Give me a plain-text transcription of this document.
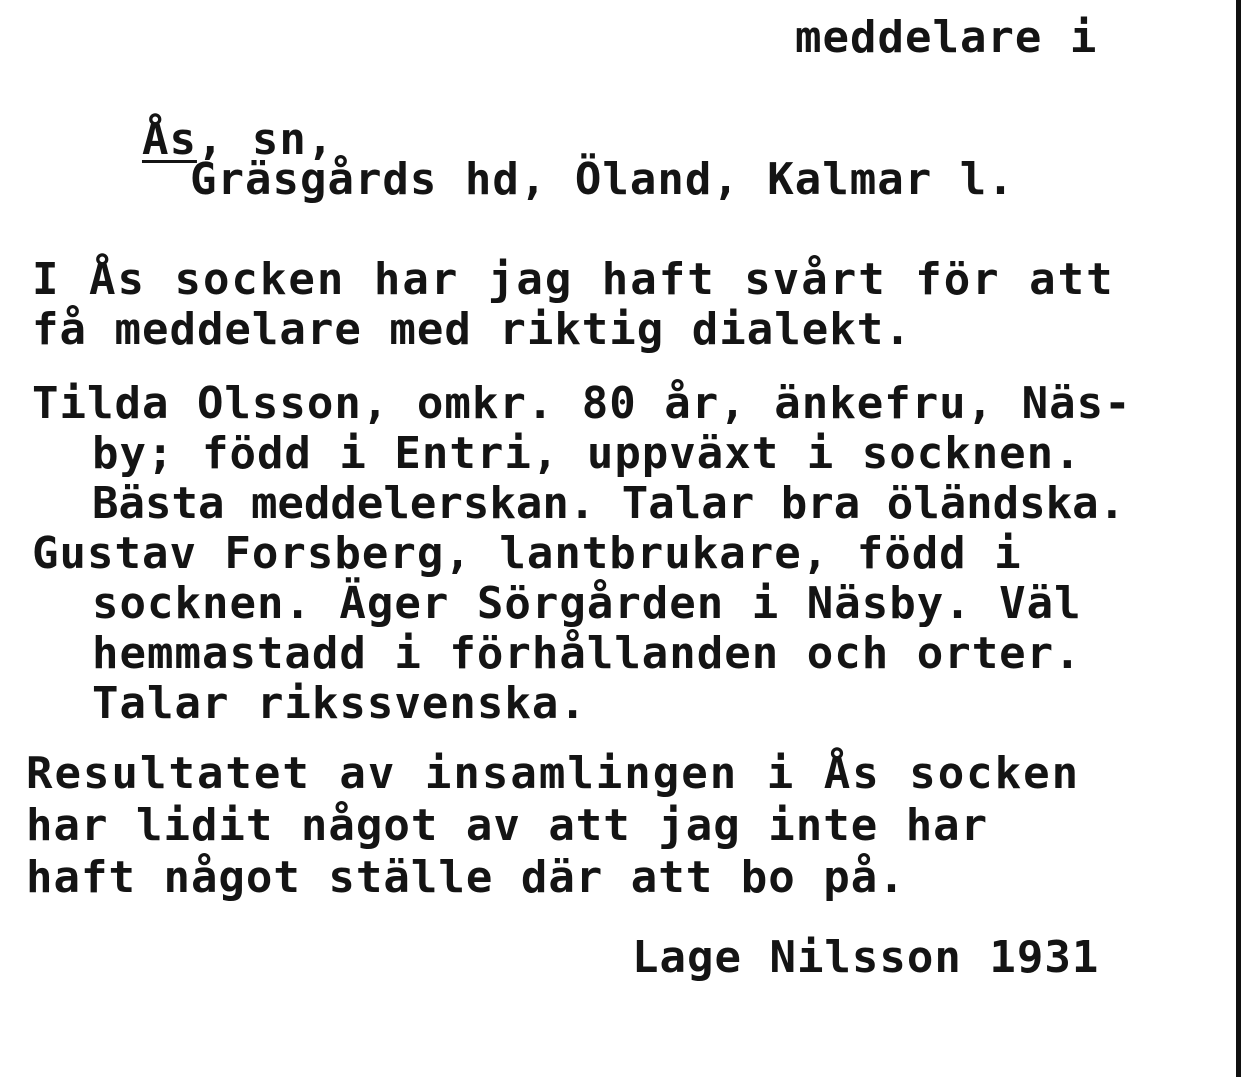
meddelare i

Ås, sn,

Gräsgårds hd, Öland, Kalmar l.
I Ås socken har jag haft svårt för att
få meddelare med riktig dialekt.
Tilda Olsson, omkr. 80 år, änkefru, Näs-
by; född i Entri, uppväxt i socknen.
Bästa meddelerskan. Talar bra öländska.
Gustav Forsberg, lantbrukare, född i
socknen. Äger Sörgården i Näsby. Väl
hemmastadd i förhållanden och orter.
Talar rikssvenska.
Resultatet av insamlingen i Ås socken
har lidit något av att jag inte har
haft något ställe där att bo på.
Lage Nilsson 1931
